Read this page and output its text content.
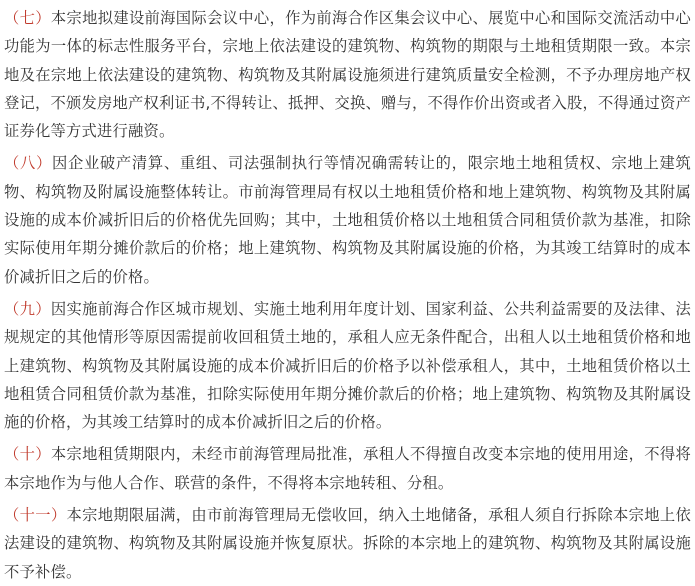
（七）本宗地拟建设前海国际会议中心，作为前海合作区集会议中心、展览中心和国际交流活动中心功能为一体的标志性服务平台，宗地上依法建设的建筑物、构筑物的期限与土地租赁期限一致。本宗地及在宗地上依法建设的建筑物、构筑物及其附属设施须进行建筑质量安全检测，不予办理房地产权登记，不颁发房地产权利证书,不得转让、抵押、交换、赠与，不得作价出资或者入股，不得通过资产证券化等方式进行融资。

（八）因企业破产清算、重组、司法强制执行等情况确需转让的，限宗地土地租赁权、宗地上建筑物、构筑物及附属设施整体转让。市前海管理局有权以土地租赁价格和地上建筑物、构筑物及其附属设施的成本价减折旧后的价格优先回购；其中，土地租赁价格以土地租赁合同租赁价款为基准，扣除实际使用年期分摊价款后的价格；地上建筑物、构筑物及其附属设施的价格，为其竣工结算时的成本价减折旧之后的价格。

（九）因实施前海合作区城市规划、实施土地利用年度计划、国家利益、公共利益需要的及法律、法规规定的其他情形等原因需提前收回租赁土地的，承租人应无条件配合，出租人以土地租赁价格和地上建筑物、构筑物及其附属设施的成本价减折旧后的价格予以补偿承租人，其中，土地租赁价格以土地租赁合同租赁价款为基准，扣除实际使用年期分摊价款后的价格；地上建筑物、构筑物及其附属设施的价格，为其竣工结算时的成本价减折旧之后的价格。

（十）本宗地租赁期限内，未经市前海管理局批准，承租人不得擅自改变本宗地的使用用途，不得将本宗地作为与他人合作、联营的条件，不得将本宗地转租、分租。

（十一）本宗地期限届满，由市前海管理局无偿收回，纳入土地储备，承租人须自行拆除本宗地上依法建设的建筑物、构筑物及其附属设施并恢复原状。拆除的本宗地上的建筑物、构筑物及其附属设施不予补偿。
